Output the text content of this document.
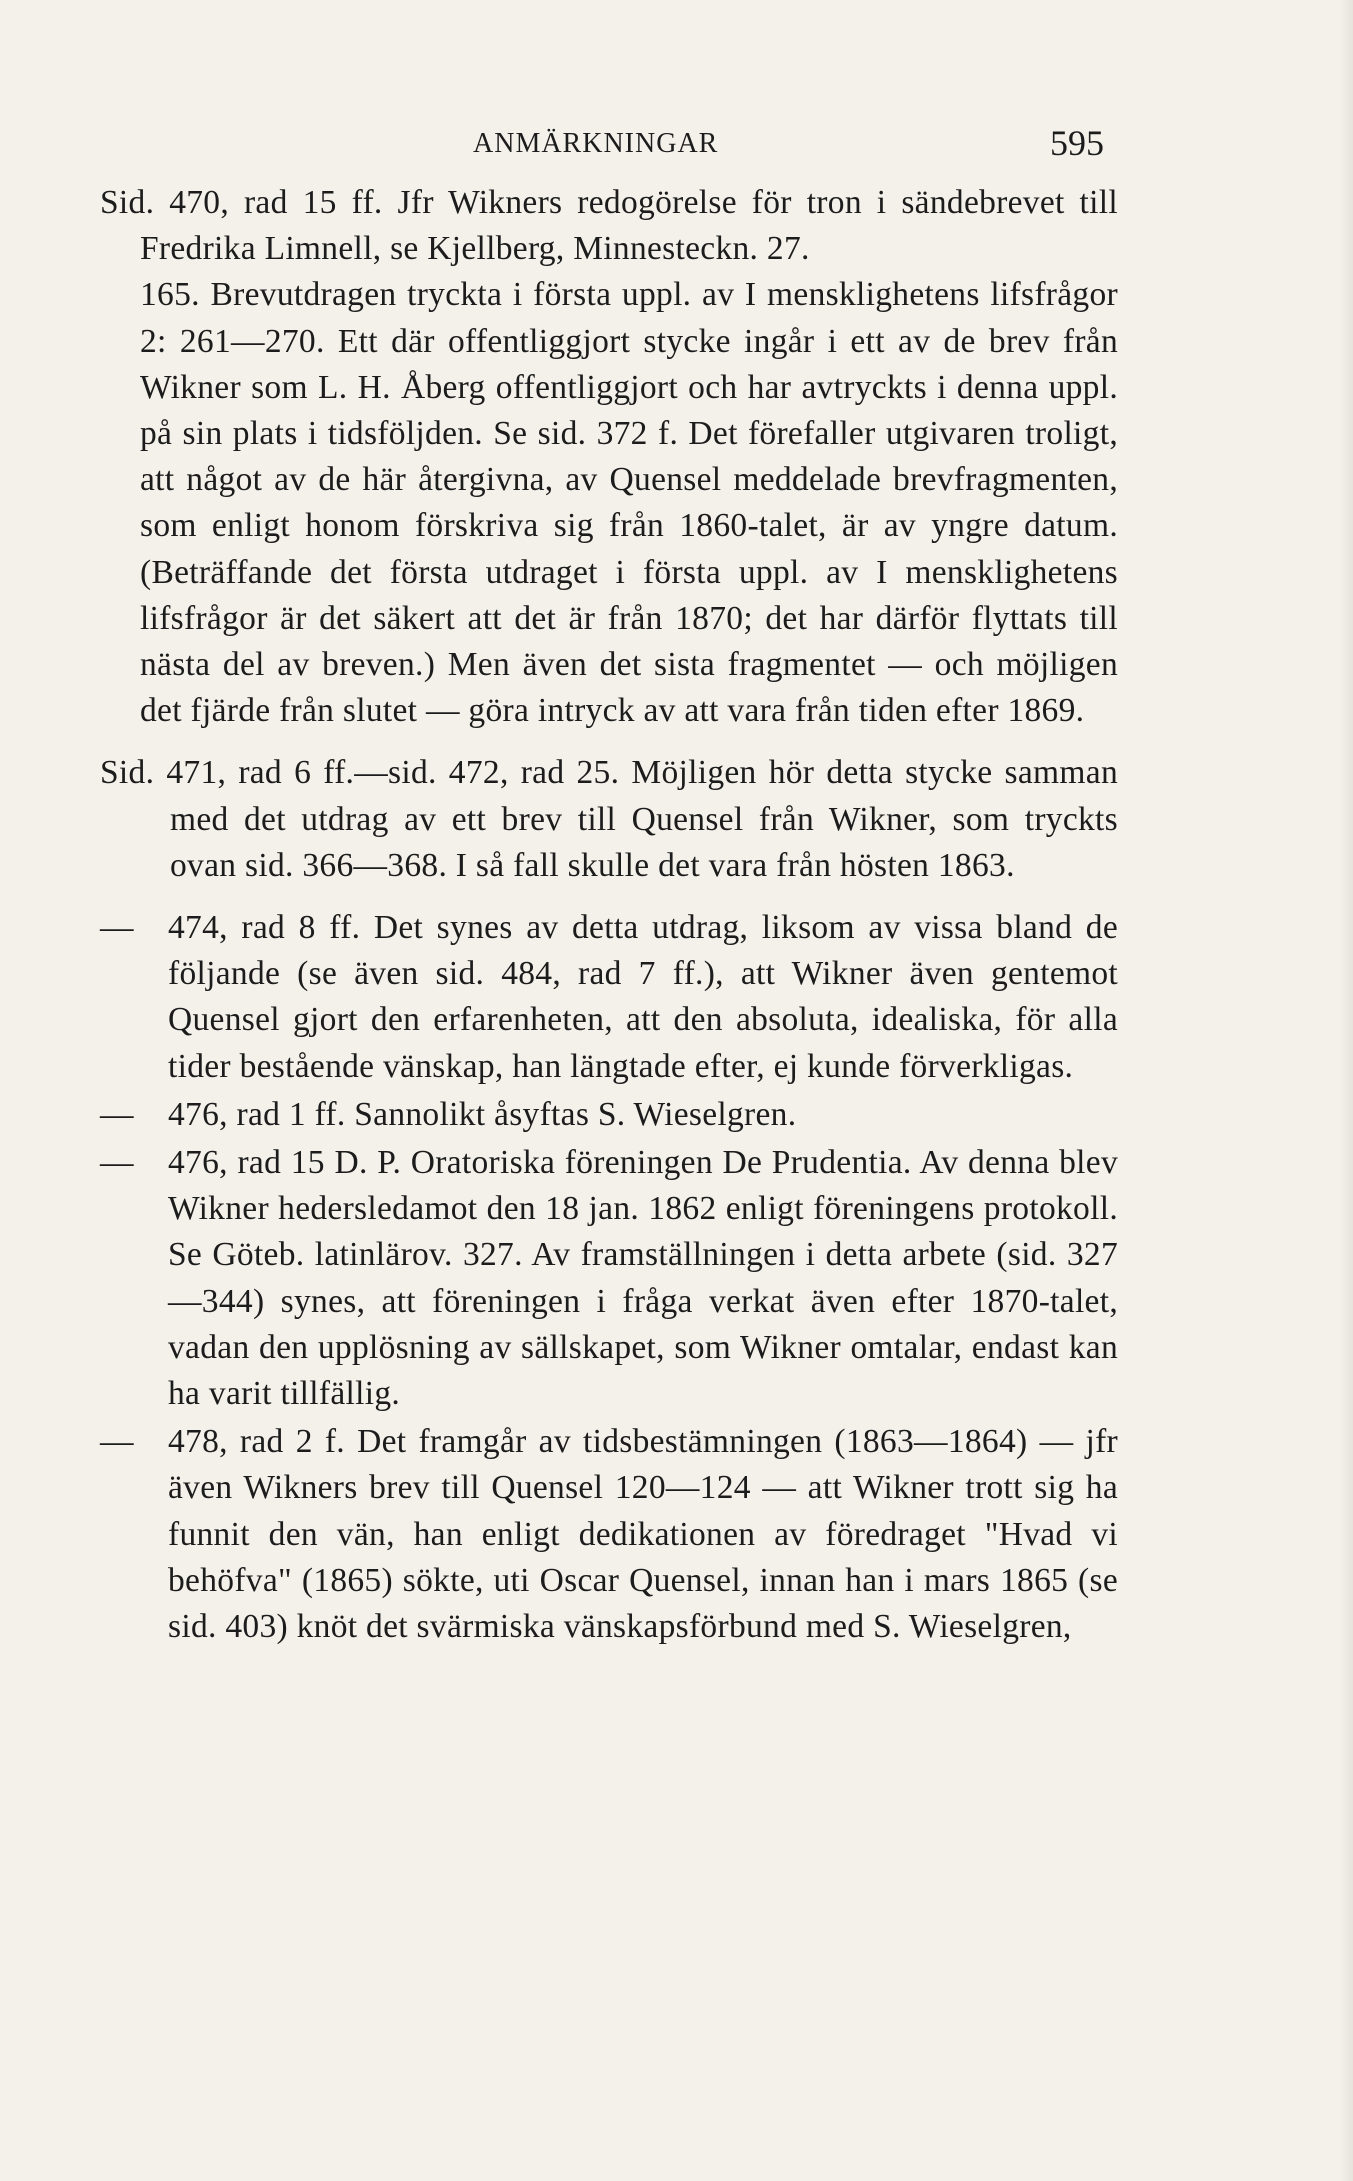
ANMÄRKNINGAR	595

Sid. 470, rad 15 ff. Jfr Wikners redogörelse för tron i sändebrevet till Fredrika Limnell, se Kjellberg, Minnesteckn. 27.

165. Brevutdragen tryckta i första uppl. av I mensklighetens lifsfrågor 2: 261—270. Ett där offentliggjort stycke ingår i ett av de brev från Wikner som L. H. Åberg offentliggjort och har avtryckts i denna uppl. på sin plats i tidsföljden. Se sid. 372 f. Det förefaller utgivaren troligt, att något av de här återgivna, av Quensel meddelade brevfragmenten, som enligt honom förskriva sig från 1860-talet, är av yngre datum. (Beträffande det första utdraget i första uppl. av I mensklighetens lifsfrågor är det säkert att det är från 1870; det har därför flyttats till nästa del av breven.) Men även det sista fragmentet — och möjligen det fjärde från slutet — göra intryck av att vara från tiden efter 1869.

Sid. 471, rad 6 ff.—sid. 472, rad 25. Möjligen hör detta stycke samman med det utdrag av ett brev till Quensel från Wikner, som tryckts ovan sid. 366—368. I så fall skulle det vara från hösten 1863.
—	474, rad 8 ff. Det synes av detta utdrag, liksom av vissa bland de följande (se även sid. 484, rad 7 ff.), att Wikner även gentemot Quensel gjort den erfarenheten, att den absoluta, idealiska, för alla tider bestående vänskap, han längtade efter, ej kunde förverkligas.
—	476, rad 1 ff. Sannolikt åsyftas S. Wieselgren.
—	476, rad 15 D. P. Oratoriska föreningen De Prudentia. Av denna blev Wikner hedersledamot den 18 jan. 1862 enligt föreningens protokoll. Se Göteb. latinlärov. 327. Av framställningen i detta arbete (sid. 327—344) synes, att föreningen i fråga verkat även efter 1870-talet, vadan den upplösning av sällskapet, som Wikner omtalar, endast kan ha varit tillfällig.
—	478, rad 2 f. Det framgår av tidsbestämningen (1863—1864) — jfr även Wikners brev till Quensel 120—124 — att Wikner trott sig ha funnit den vän, han enligt dedikationen av föredraget "Hvad vi behöfva" (1865) sökte, uti Oscar Quensel, innan han i mars 1865 (se sid. 403) knöt det svärmiska vänskapsförbund med S. Wieselgren,
